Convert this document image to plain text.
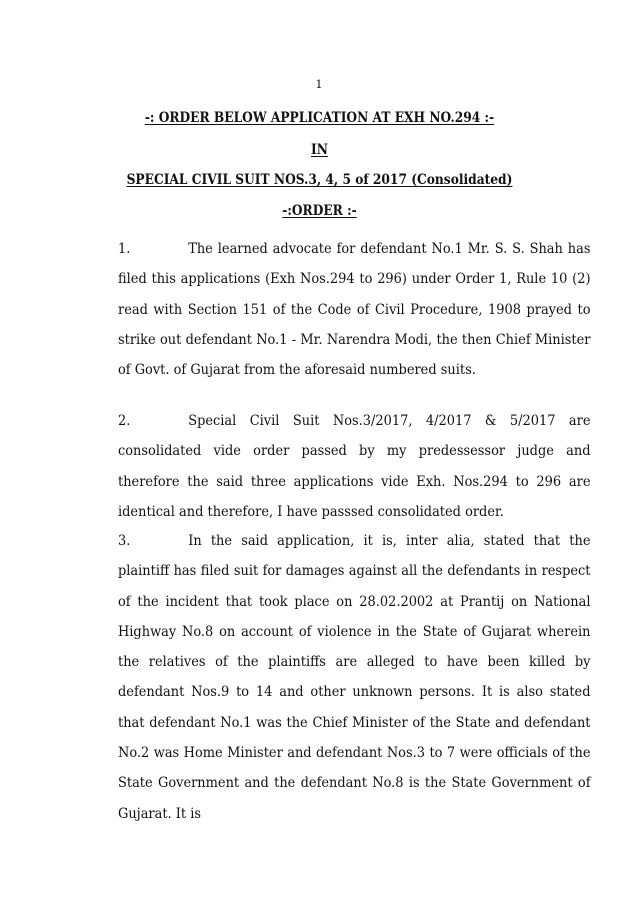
1
-: ORDER BELOW APPLICATION AT EXH NO.294 :-
IN
SPECIAL CIVIL SUIT NOS.3, 4, 5 of 2017 (Consolidated)
-:ORDER :-
1.	The learned advocate for defendant No.1 Mr. S. S. Shah has filed this applications (Exh Nos.294 to 296) under Order 1, Rule 10 (2) read with Section 151 of the Code of Civil Procedure, 1908 prayed to strike out defendant No.1 - Mr. Narendra Modi, the then Chief Minister of Govt. of Gujarat from the aforesaid numbered suits.
2.	Special Civil Suit Nos.3/2017, 4/2017 & 5/2017 are consolidated vide order passed by my predessessor judge and therefore the said three applications vide Exh. Nos.294 to 296 are identical and therefore, I have passsed consolidated order.
3.	In the said application, it is, inter alia, stated that the plaintiff has filed suit for damages against all the defendants in respect of the incident that took place on 28.02.2002 at Prantij on National Highway No.8 on account of violence in the State of Gujarat wherein the relatives of the plaintiffs are alleged to have been killed by defendant Nos.9 to 14 and other unknown persons. It is also stated that defendant No.1 was the Chief Minister of the State and defendant No.2 was Home Minister and defendant Nos.3 to 7 were officials of the State Government and the defendant No.8 is the State Government of Gujarat. It is
